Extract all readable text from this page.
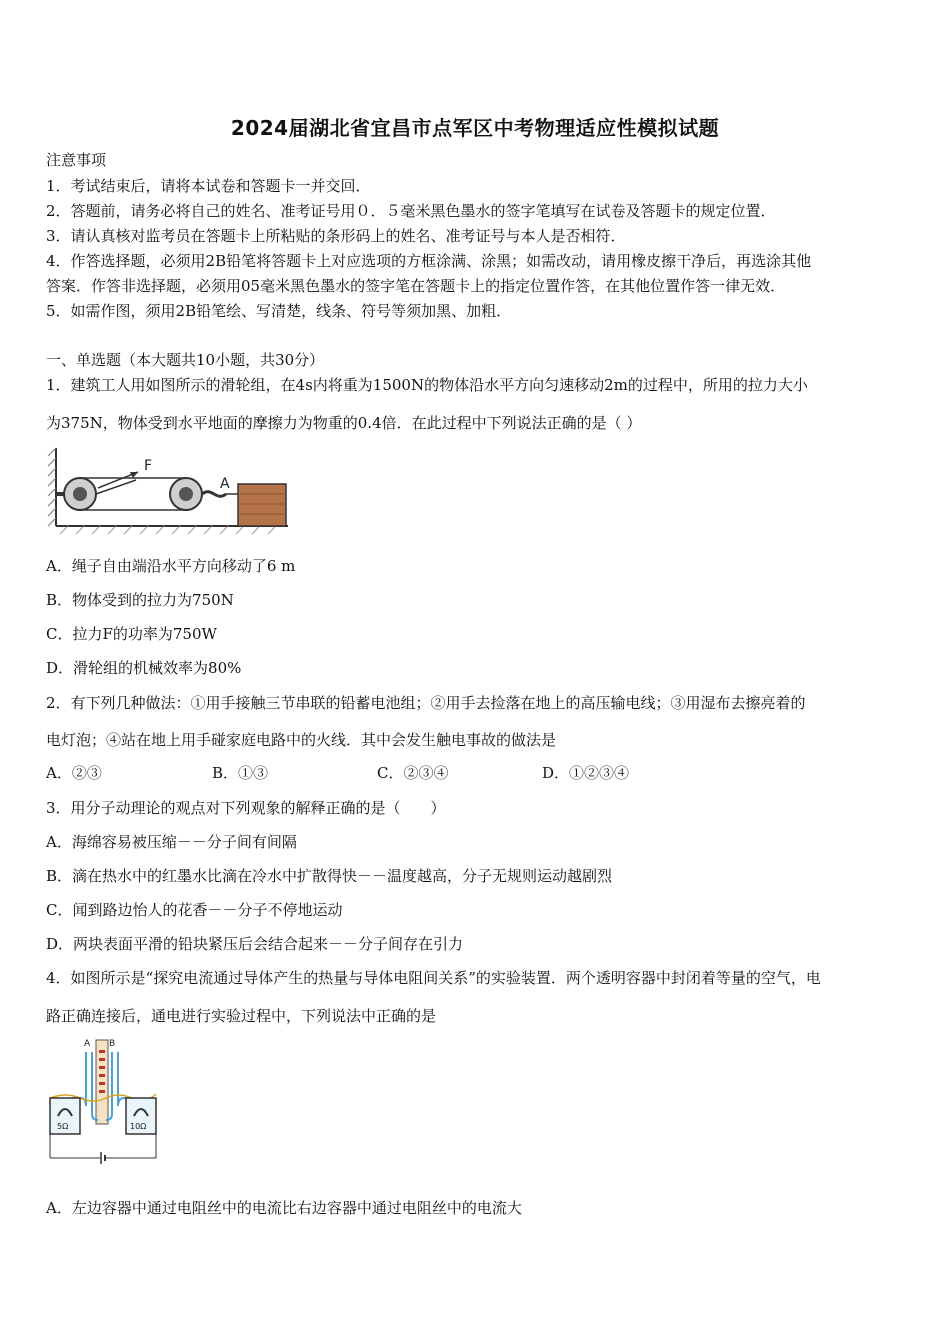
2024届湖北省宜昌市点军区中考物理适应性模拟试题
注意事项
1．考试结束后，请将本试卷和答题卡一并交回．
2．答题前，请务必将自己的姓名、准考证号用０．５毫米黑色墨水的签字笔填写在试卷及答题卡的规定位置．
3．请认真核对监考员在答题卡上所粘贴的条形码上的姓名、准考证号与本人是否相符．
4．作答选择题，必须用2B铅笔将答题卡上对应选项的方框涂满、涂黑；如需改动，请用橡皮擦干净后，再选涂其他
答案．作答非选择题，必须用05毫米黑色墨水的签字笔在答题卡上的指定位置作答，在其他位置作答一律无效．
5．如需作图，须用2B铅笔绘、写清楚，线条、符号等须加黑、加粗．
一、单选题（本大题共10小题，共30分）
1．建筑工人用如图所示的滑轮组，在4s内将重为1500N的物体沿水平方向匀速移动2m的过程中，所用的拉力大小
为375N，物体受到水平地面的摩擦力为物重的0.4倍．在此过程中下列说法正确的是（ ）
F
A
A．绳子自由端沿水平方向移动了6 m
B．物体受到的拉力为750N
C．拉力F的功率为750W
D．滑轮组的机械效率为80%
2．有下列几种做法：①用手接触三节串联的铅蓄电池组；②用手去捡落在地上的高压输电线；③用湿布去擦亮着的
电灯泡；④站在地上用手碰家庭电路中的火线．其中会发生触电事故的做法是
A．②③	B．①③	C．②③④	D．①②③④
3．用分子动理论的观点对下列观象的解释正确的是（　　）
A．海绵容易被压缩－－分子间有间隔
B．滴在热水中的红墨水比滴在冷水中扩散得快－－温度越高，分子无规则运动越剧烈
C．闻到路边怡人的花香－－分子不停地运动
D．两块表面平滑的铅块紧压后会结合起来－－分子间存在引力
4．如图所示是“探究电流通过导体产生的热量与导体电阻间关系”的实验装置．两个透明容器中封闭着等量的空气，电
路正确连接后，通电进行实验过程中，下列说法中正确的是
A B
5Ω	10Ω
A．左边容器中通过电阻丝中的电流比右边容器中通过电阻丝中的电流大
